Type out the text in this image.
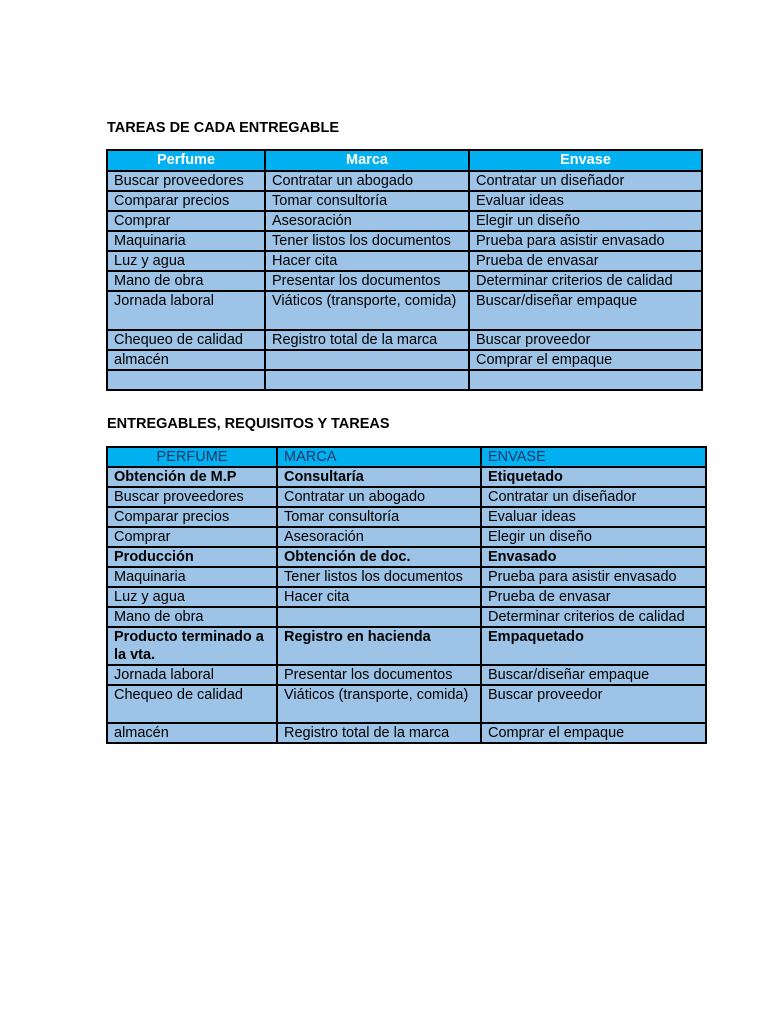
TAREAS DE CADA ENTREGABLE
Perfume	Marca	Envase
Buscar proveedores	Contratar un abogado	Contratar un diseñador
Comparar precios	Tomar consultoría	Evaluar ideas
Comprar	Asesoración	Elegir un diseño
Maquinaria	Tener listos los documentos	Prueba para asistir envasado
Luz y agua	Hacer cita	Prueba de envasar
Mano de obra	Presentar los documentos	Determinar criterios de calidad
Jornada laboral	Viáticos (transporte, comida)	Buscar/diseñar empaque
Chequeo de calidad	Registro total de la marca	Buscar proveedor
almacén		Comprar el empaque

ENTREGABLES, REQUISITOS Y TAREAS
PERFUME	MARCA	ENVASE
Obtención de M.P	Consultaría	Etiquetado
Buscar proveedores	Contratar un abogado	Contratar un diseñador
Comparar precios	Tomar consultoría	Evaluar ideas
Comprar	Asesoración	Elegir un diseño
Producción	Obtención de doc.	Envasado
Maquinaria	Tener listos los documentos	Prueba para asistir envasado
Luz y agua	Hacer cita	Prueba de envasar
Mano de obra		Determinar criterios de calidad
Producto terminado a la vta.	Registro en hacienda	Empaquetado
Jornada laboral	Presentar los documentos	Buscar/diseñar empaque
Chequeo de calidad	Viáticos (transporte, comida)	Buscar proveedor
almacén	Registro total de la marca	Comprar el empaque
